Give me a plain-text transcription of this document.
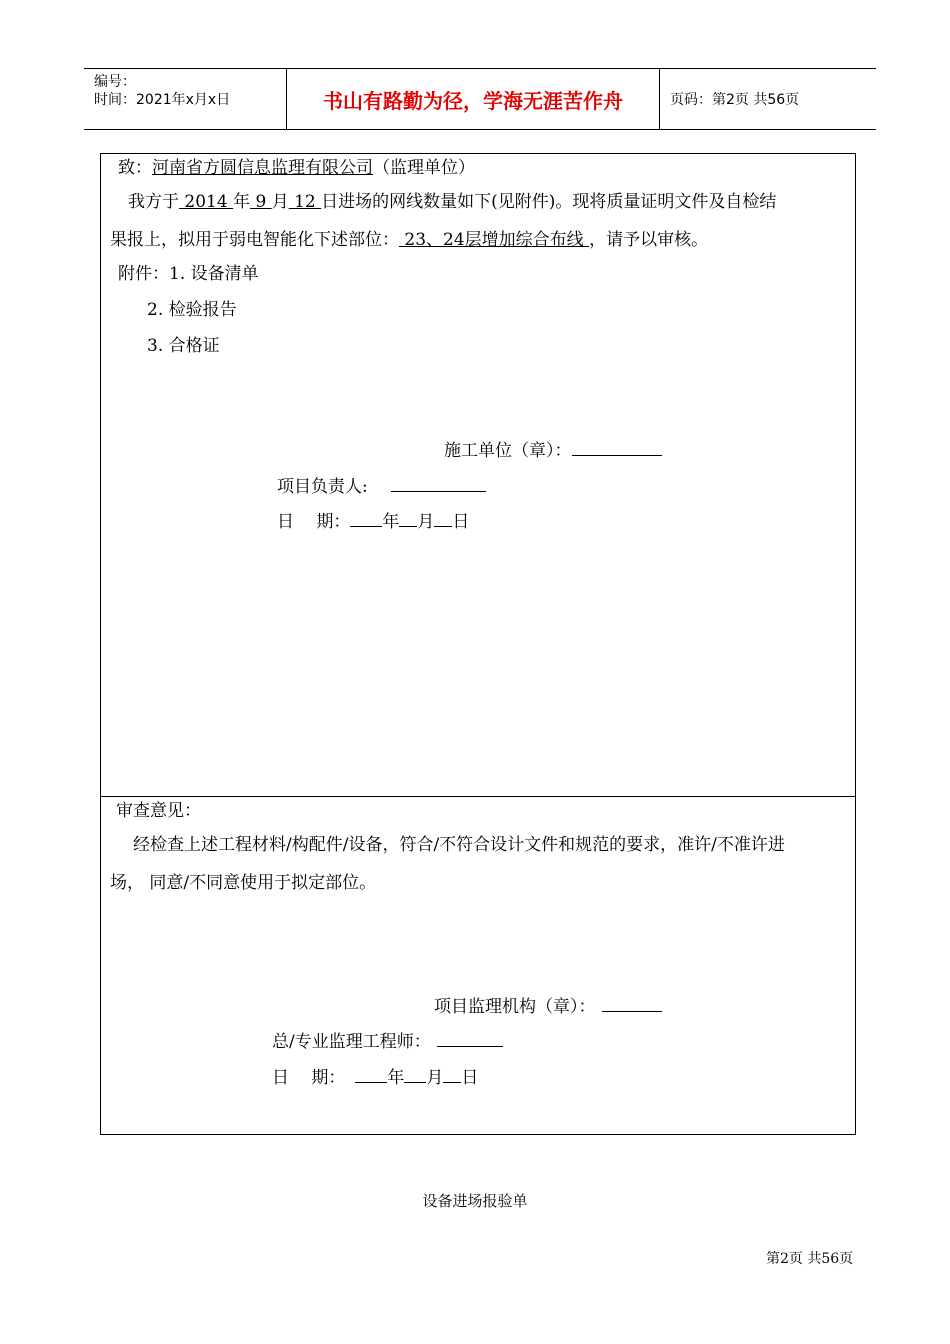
编号：
时间：2021年x月x日	书山有路勤为径，学海无涯苦作舟	页码：第2页 共56页
致：河南省方圆信息监理有限公司（监理单位）
我方于 2014 年 9 月 12 日进场的网线数量如下(见附件)。现将质量证明文件及自检结
果报上，拟用于弱电智能化下述部位： 23、24层增加综合布线 ，请予以审核。
附件：1. 设备清单
2. 检验报告
3. 合格证
施工单位（章）：
项目负责人:
日　 期： 年 月 日
审查意见：
经检查上述工程材料/构配件/设备，符合/不符合设计文件和规范的要求，准许/不准许进
场， 同意/不同意使用于拟定部位。
项目监理机构（章）：
总/专业监理工程师：
日　 期： 年 月 日
设备进场报验单
第2页 共56页
